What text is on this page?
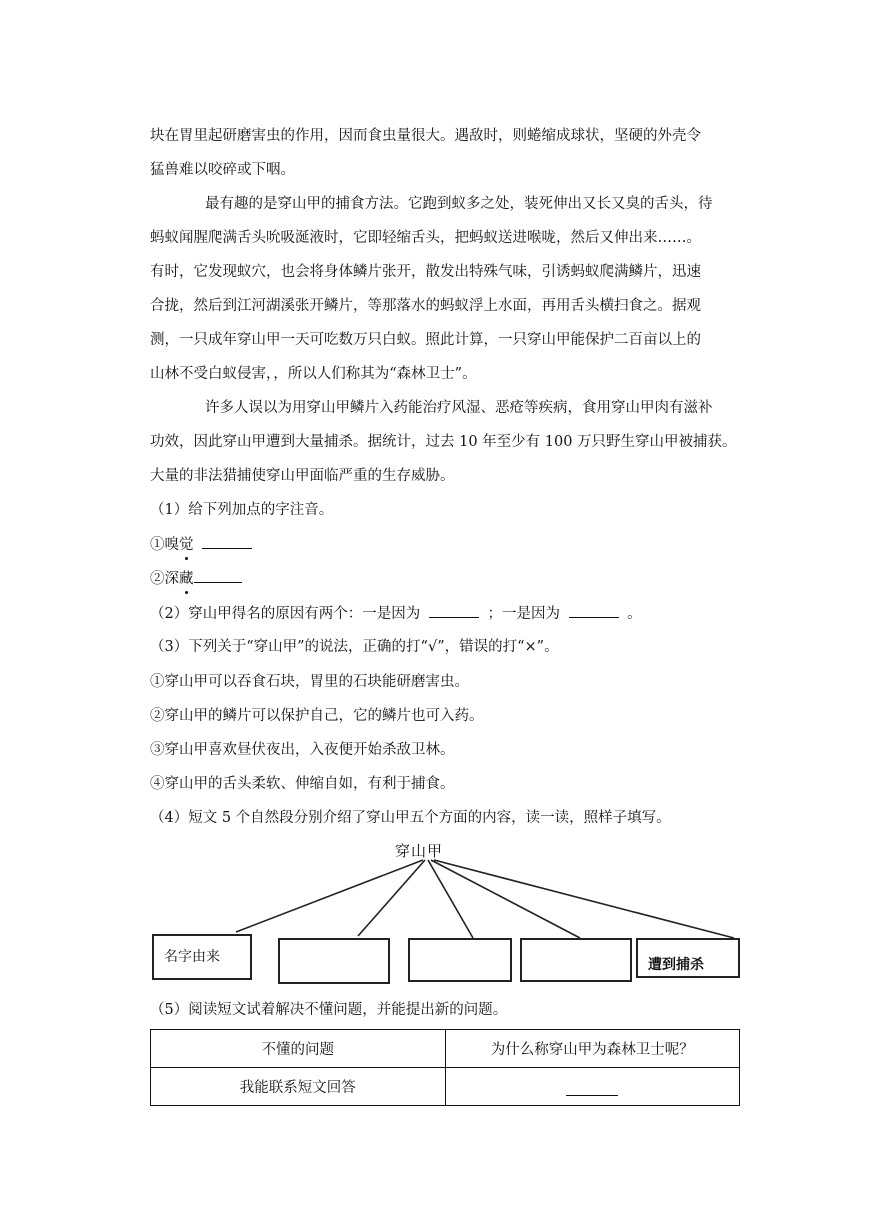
块在胃里起研磨害虫的作用，因而食虫量很大。遇敌时，则蜷缩成球状，坚硬的外壳令
猛兽难以咬碎或下咽。
最有趣的是穿山甲的捕食方法。它跑到蚁多之处，装死伸出又长又臭的舌头，待
蚂蚁闻腥爬满舌头吮吸涎液时，它即轻缩舌头，把蚂蚁送进喉咙，然后又伸出来……。
有时，它发现蚁穴，也会将身体鳞片张开，散发出特殊气味，引诱蚂蚁爬满鳞片，迅速
合拢，然后到江河湖溪张开鳞片，等那落水的蚂蚁浮上水面，再用舌头横扫食之。据观
测，一只成年穿山甲一天可吃数万只白蚁。照此计算，一只穿山甲能保护二百亩以上的
山林不受白蚁侵害，，所以人们称其为“森林卫士”。
许多人误以为用穿山甲鳞片入药能治疗风湿、恶疮等疾病，食用穿山甲肉有滋补
功效，因此穿山甲遭到大量捕杀。据统计，过去 10 年至少有 100 万只野生穿山甲被捕获。
大量的非法猎捕使穿山甲面临严重的生存威胁。
（1）给下列加点的字注音。
①嗅觉
②深藏
（2）穿山甲得名的原因有两个：一是因为	；一是因为	。
（3）下列关于“穿山甲”的说法，正确的打“√”，错误的打“×”。
①穿山甲可以吞食石块，胃里的石块能研磨害虫。
②穿山甲的鳞片可以保护自己，它的鳞片也可入药。
③穿山甲喜欢昼伏夜出，入夜便开始杀敌卫林。
④穿山甲的舌头柔软、伸缩自如，有利于捕食。
（4）短文 5 个自然段分别介绍了穿山甲五个方面的内容，读一读，照样子填写。
穿山甲
名字由来	遭到捕杀
（5）阅读短文试着解决不懂问题，并能提出新的问题。
不懂的问题	为什么称穿山甲为森林卫士呢？
我能联系短文回答	
